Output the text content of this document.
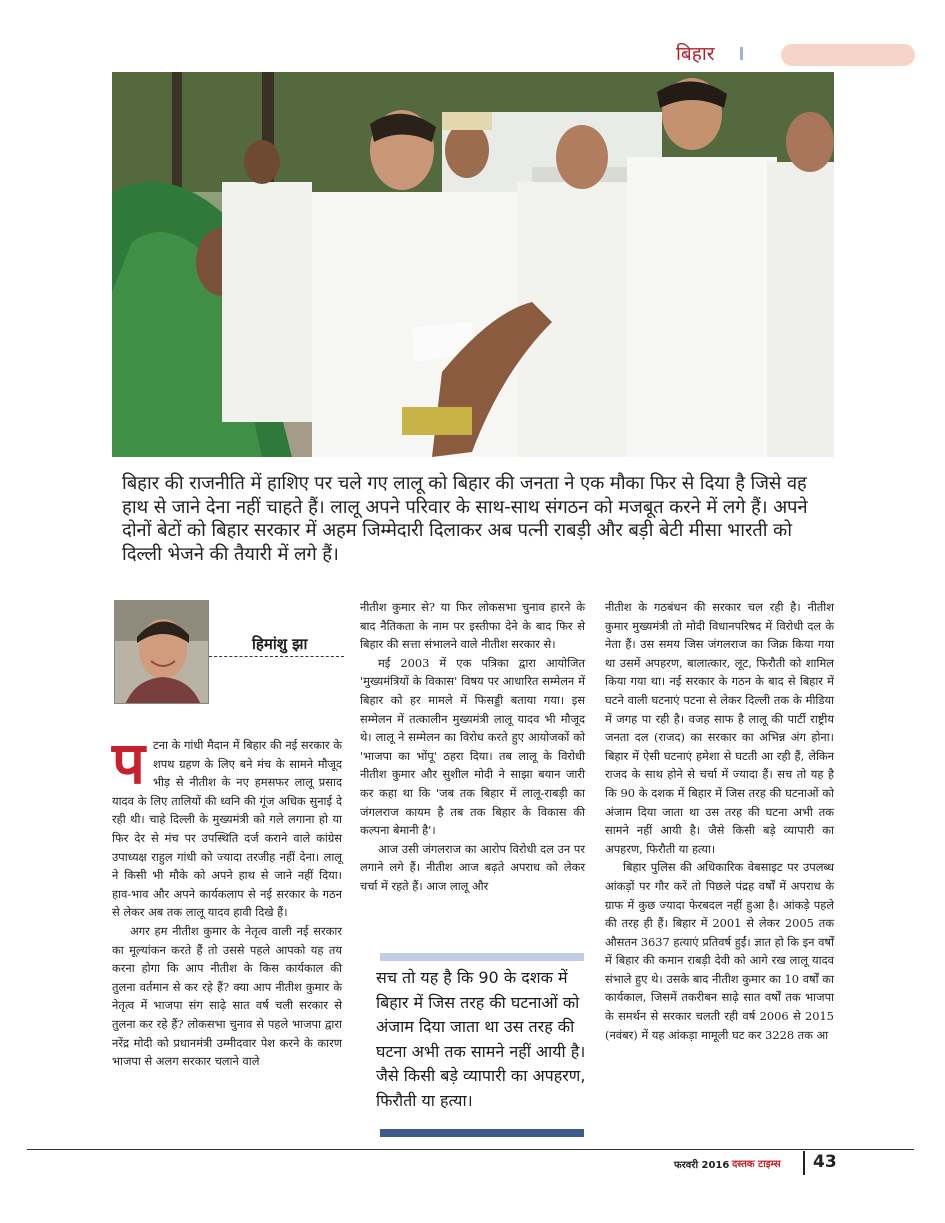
बिहार

बिहार की राजनीति में हाशिए पर चले गए लालू को बिहार की जनता ने एक मौका फिर से दिया है जिसे वह हाथ से जाने देना नहीं चाहते हैं। लालू अपने परिवार के साथ-साथ संगठन को मजबूत करने में लगे हैं। अपने दोनों बेटों को बिहार सरकार में अहम जिम्मेदारी दिलाकर अब पत्नी राबड़ी और बड़ी बेटी मीसा भारती को दिल्ली भेजने की तैयारी में लगे हैं।

हिमांशु झा
प टना के गांधी मैदान में बिहार की नई सरकार के शपथ ग्रहण के लिए बने मंच के सामने मौजूद भीड़ से नीतीश के नए हमसफर लालू प्रसाद यादव के लिए तालियों की ध्वनि की गूंज अधिक सुनाई दे रही थी। चाहे दिल्ली के मुख्यमंत्री को गले लगाना हो या फिर देर से मंच पर उपस्थिति दर्ज कराने वाले कांग्रेस उपाध्यक्ष राहुल गांधी को ज्यादा तरजीह नहीं देना। लालू ने किसी भी मौके को अपने हाथ से जाने नहीं दिया। हाव-भाव और अपने कार्यकलाप से नई सरकार के गठन से लेकर अब तक लालू यादव हावी दिखे हैं।

अगर हम नीतीश कुमार के नेतृत्व वाली नई सरकार का मूल्यांकन करते हैं तो उससे पहले आपको यह तय करना होगा कि आप नीतीश के किस कार्यकाल की तुलना वर्तमान से कर रहे हैं? क्या आप नीतीश कुमार के नेतृत्व में भाजपा संग साढ़े सात वर्ष चली सरकार से तुलना कर रहे हैं? लोकसभा चुनाव से पहले भाजपा द्वारा नरेंद्र मोदी को प्रधानमंत्री उम्मीदवार पेश करने के कारण भाजपा से अलग सरकार चलाने वाले

नीतीश कुमार से? या फिर लोकसभा चुनाव हारने के बाद नैतिकता के नाम पर इस्तीफा देने के बाद फिर से बिहार की सत्ता संभालने वाले नीतीश सरकार से।

मई 2003 में एक पत्रिका द्वारा आयोजित 'मुख्यमंत्रियों के विकास' विषय पर आधारित सम्मेलन में बिहार को हर मामले में फिसड्डी बताया गया। इस सम्मेलन में तत्कालीन मुख्यमंत्री लालू यादव भी मौजूद थे। लालू ने सम्मेलन का विरोध करते हुए आयोजकों को 'भाजपा का भोंपू' ठहरा दिया। तब लालू के विरोधी नीतीश कुमार और सुशील मोदी ने साझा बयान जारी कर कहा था कि 'जब तक बिहार में लालू-राबड़ी का जंगलराज कायम है तब तक बिहार के विकास की कल्पना बेमानी है'।

आज उसी जंगलराज का आरोप विरोधी दल उन पर लगाने लगे हैं। नीतीश आज बढ़ते अपराध को लेकर चर्चा में रहते हैं। आज लालू और

सच तो यह है कि 90 के दशक में बिहार में जिस तरह की घटनाओं को अंजाम दिया जाता था उस तरह की घटना अभी तक सामने नहीं आयी है। जैसे किसी बड़े व्यापारी का अपहरण, फिरौती या हत्या।

नीतीश के गठबंधन की सरकार चल रही है। नीतीश कुमार मुख्यमंत्री तो मोदी विधानपरिषद में विरोधी दल के नेता हैं। उस समय जिस जंगलराज का जिक्र किया गया था उसमें अपहरण, बालात्कार, लूट, फिरौती को शामिल किया गया था। नई सरकार के गठन के बाद से बिहार में घटने वाली घटनाएं पटना से लेकर दिल्ली तक के मीडिया में जगह पा रही है। वजह साफ है लालू की पार्टी राष्ट्रीय जनता दल (राजद) का सरकार का अभिन्न अंग होना। बिहार में ऐसी घटनाएं हमेशा से घटती आ रही हैं, लेकिन राजद के साथ होने से चर्चा में ज्यादा हैं। सच तो यह है कि 90 के दशक में बिहार में जिस तरह की घटनाओं को अंजाम दिया जाता था उस तरह की घटना अभी तक सामने नहीं आयी है। जैसे किसी बड़े व्यापारी का अपहरण, फिरौती या हत्या।

बिहार पुलिस की अधिकारिक वेबसाइट पर उपलब्ध आंकड़ों पर गौर करें तो पिछले पंद्रह वर्षों में अपराध के ग्राफ में कुछ ज्यादा फेरबदल नहीं हुआ है। आंकड़े पहले की तरह ही हैं। बिहार में 2001 से लेकर 2005 तक औसतन 3637 हत्याएं प्रतिवर्ष हुईं। ज्ञात हो कि इन वर्षों में बिहार की कमान राबड़ी देवी को आगे रख लालू यादव संभाले हुए थे। उसके बाद नीतीश कुमार का 10 वर्षों का कार्यकाल, जिसमें तकरीबन साढ़े सात वर्षों तक भाजपा के समर्थन से सरकार चलती रही वर्ष 2006 से 2015 (नवंबर) में यह आंकड़ा मामूली घट कर 3228 तक आ

फरवरी 2016 दस्तक टाइम्स 43
